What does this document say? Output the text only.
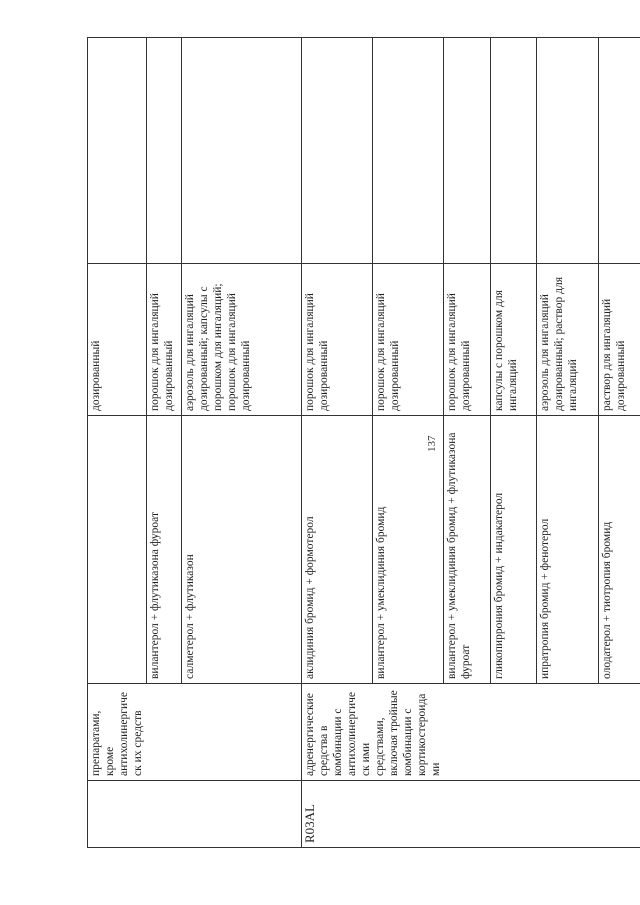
137
	препаратами, кроме антихолинергическ их средств		дозированный	
		вилантерол + флутиказона фуроат	порошок для ингаляций дозированный	
		салметерол + флутиказон	аэрозоль для ингаляций дозированный; капсулы с порошком для ингаляций; порошок для ингаляций дозированный	
R03AL	адренергические средства в комбинации с антихолинергическ ими средствами, включая тройные комбинации с кортикостероидами	аклидиния бромид + формотерол	порошок для ингаляций дозированный	
		вилантерол + умеклидиния бромид	порошок для ингаляций дозированный	
		вилантерол + умеклидиния бромид + флутиказона фуроат	порошок для ингаляций дозированный	
		гликопиррония бромид + индакатерол	капсулы с порошком для ингаляций	
		ипратропия бромид + фенотерол	аэрозоль для ингаляций дозированный; раствор для ингаляций	
		олодатерол + тиотропия бромид	раствор для ингаляций дозированный	
